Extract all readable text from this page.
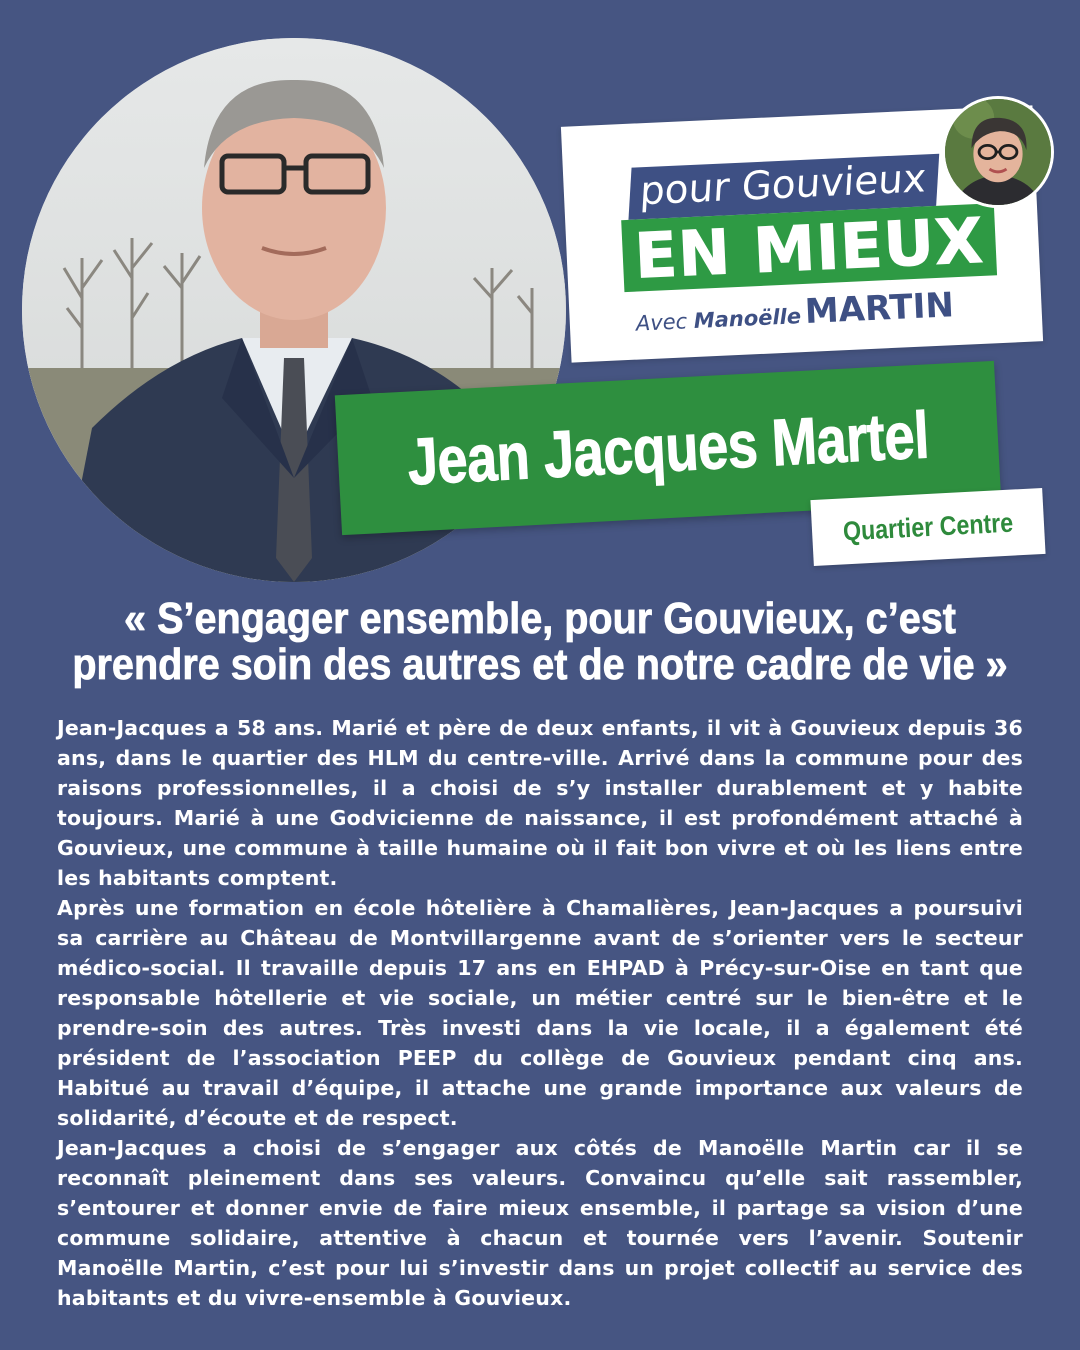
pour Gouvieux
EN MIEUX
Avec ManoëlleMARTIN
Jean Jacques Martel
Quartier Centre
« S’engager ensemble, pour Gouvieux, c’est prendre soin des autres et de notre cadre de vie »

Jean-Jacques a 58 ans. Marié et père de deux enfants, il vit à Gouvieux depuis 36 ans, dans le quartier des HLM du centre-ville. Arrivé dans la commune pour des raisons professionnelles, il a choisi de s’y installer durablement et y habite toujours. Marié à une Godvicienne de naissance, il est profondément attaché à Gouvieux, une commune à taille humaine où il fait bon vivre et où les liens entre les habitants comptent.

Après une formation en école hôtelière à Chamalières, Jean-Jacques a poursuivi sa carrière au Château de Montvillargenne avant de s’orienter vers le secteur médico-social. Il travaille depuis 17 ans en EHPAD à Précy-sur-Oise en tant que responsable hôtellerie et vie sociale, un métier centré sur le bien-être et le prendre-soin des autres. Très investi dans la vie locale, il a également été président de l’association PEEP du collège de Gouvieux pendant cinq ans. Habitué au travail d’équipe, il attache une grande importance aux valeurs de solidarité, d’écoute et de respect.

Jean-Jacques a choisi de s’engager aux côtés de Manoëlle Martin car il se reconnaît pleinement dans ses valeurs. Convaincu qu’elle sait rassembler, s’entourer et donner envie de faire mieux ensemble, il partage sa vision d’une commune solidaire, attentive à chacun et tournée vers l’avenir. Soutenir Manoëlle Martin, c’est pour lui s’investir dans un projet collectif au service des habitants et du vivre-ensemble à Gouvieux.
